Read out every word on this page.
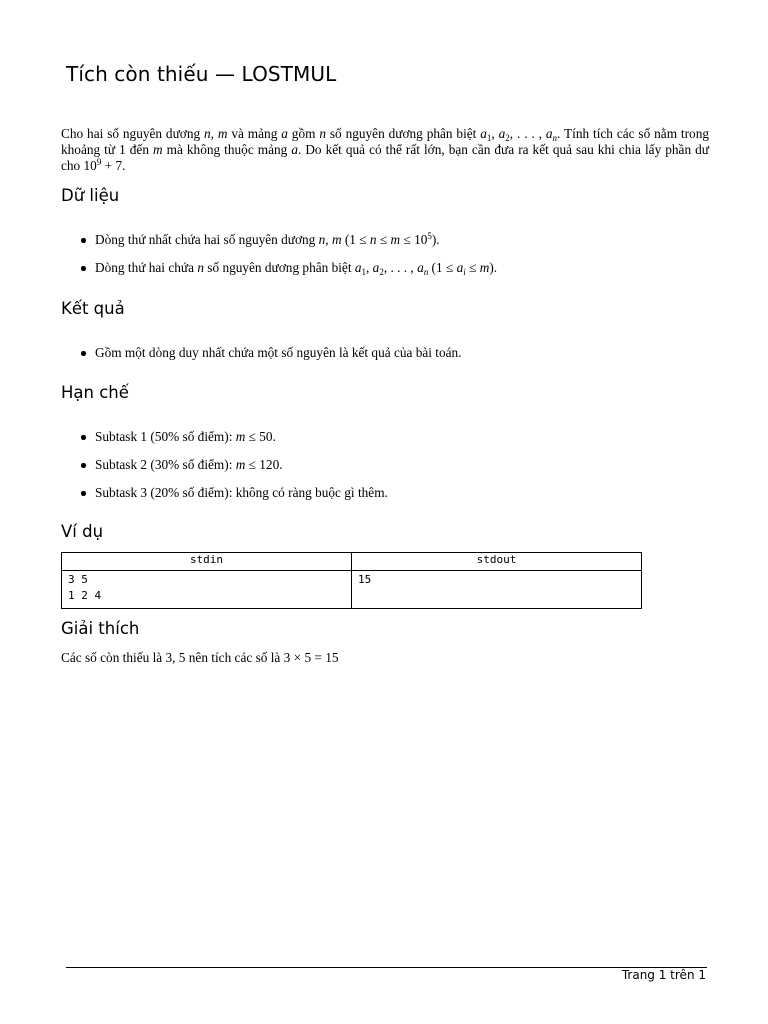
Tích còn thiếu — LOSTMUL

Cho hai số nguyên dương n, m và mảng a gồm n số nguyên dương phân biệt $a_1$, $a_2$, . . . , $a_n$. Tính tích các số nằm trong khoảng từ 1 đến m mà không thuộc mảng a. Do kết quả có thể rất lớn, bạn cần đưa ra kết quả sau khi chia lấy phần dư cho $10^9 + 7$.

Dữ liệu
Dòng thứ nhất chứa hai số nguyên dương n, m $(1 \le n \le m \le 10^5)$.
Dòng thứ hai chứa n số nguyên dương phân biệt $a_1$, $a_2$, . . . , $a_n$ $(1 \le a_i \le m)$.
Kết quả
Gồm một dòng duy nhất chứa một số nguyên là kết quả của bài toán.
Hạn chế
Subtask 1 (50% số điểm): m ≤ 50.
Subtask 2 (30% số điểm): m ≤ 120.
Subtask 3 (20% số điểm): không có ràng buộc gì thêm.
Ví dụ
stdin	stdout
3 5
1 2 4	15
Giải thích

Các số còn thiếu là 3, 5 nên tích các số là 3 × 5 = 15

Trang 1 trên 1
